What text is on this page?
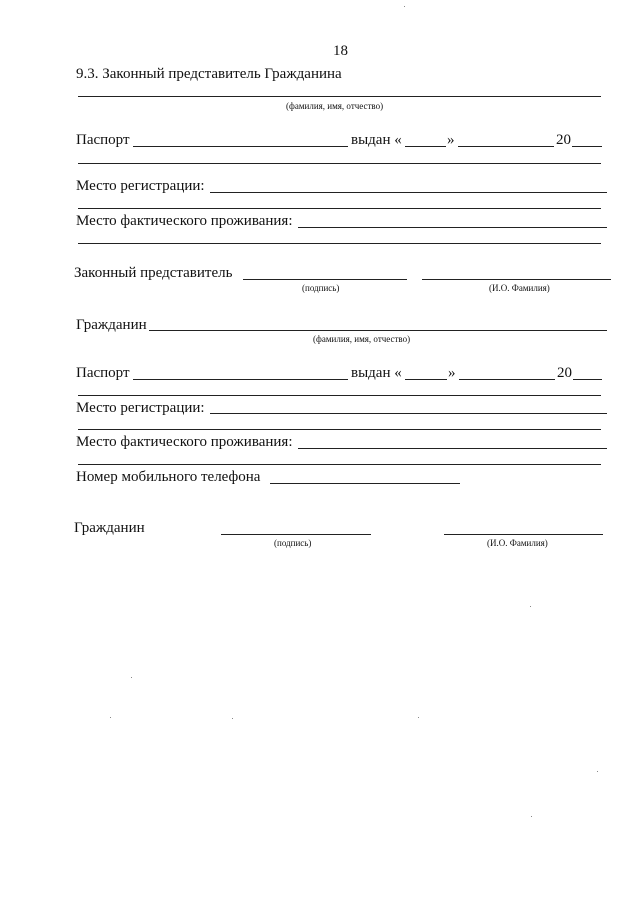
18
9.3. Законный представитель Гражданина
(фамилия, имя, отчество)
Паспорт	выдан «	»	20
Место регистрации:
Место фактического проживания:
Законный представитель
(подпись)	(И.О. Фамилия)
Гражданин
(фамилия, имя, отчество)
Паспорт	выдан «	»	20
Место регистрации:
Место фактического проживания:
Номер мобильного телефона
Гражданин
(подпись)	(И.О. Фамилия)
